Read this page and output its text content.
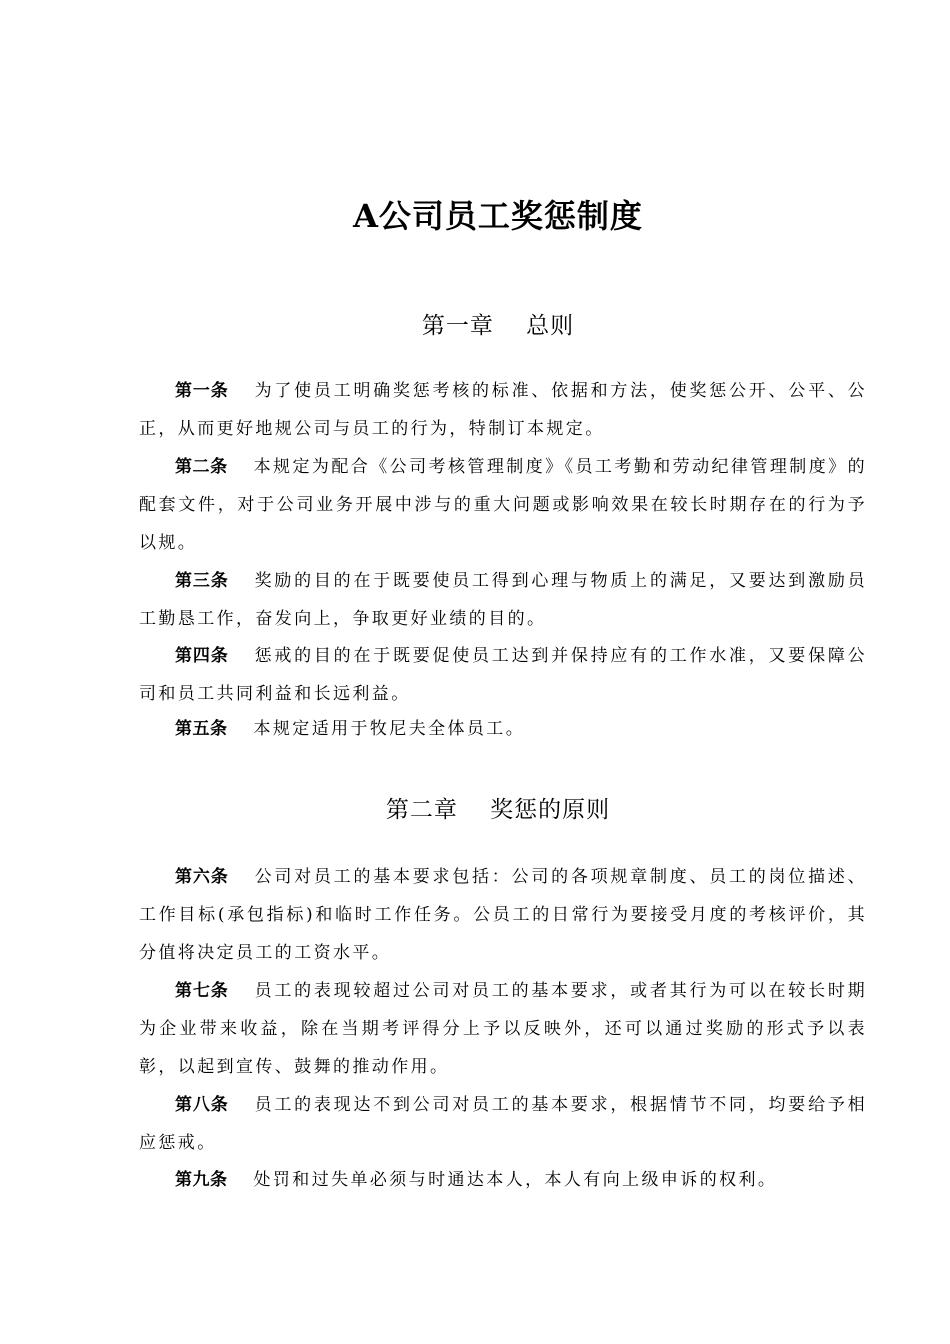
A公司员工奖惩制度
第一章　 总则

第一条 为了使员工明确奖惩考核的标准、依据和方法，使奖惩公开、公平、公正，从而更好地规公司与员工的行为，特制订本规定。

第二条 本规定为配合《公司考核管理制度》《员工考勤和劳动纪律管理制度》的配套文件，对于公司业务开展中涉与的重大问题或影响效果在较长时期存在的行为予以规。

第三条 奖励的目的在于既要使员工得到心理与物质上的满足，又要达到激励员工勤恳工作，奋发向上，争取更好业绩的目的。

第四条 惩戒的目的在于既要促使员工达到并保持应有的工作水准，又要保障公司和员工共同利益和长远利益。

第五条 本规定适用于牧尼夫全体员工。

第二章　 奖惩的原则

第六条 公司对员工的基本要求包括：公司的各项规章制度、员工的岗位描述、工作目标(承包指标)和临时工作任务。公员工的日常行为要接受月度的考核评价，其分值将决定员工的工资水平。

第七条 员工的表现较超过公司对员工的基本要求，或者其行为可以在较长时期为企业带来收益，除在当期考评得分上予以反映外，还可以通过奖励的形式予以表彰，以起到宣传、鼓舞的推动作用。

第八条 员工的表现达不到公司对员工的基本要求，根据情节不同，均要给予相应惩戒。

第九条 处罚和过失单必须与时通达本人，本人有向上级申诉的权利。
